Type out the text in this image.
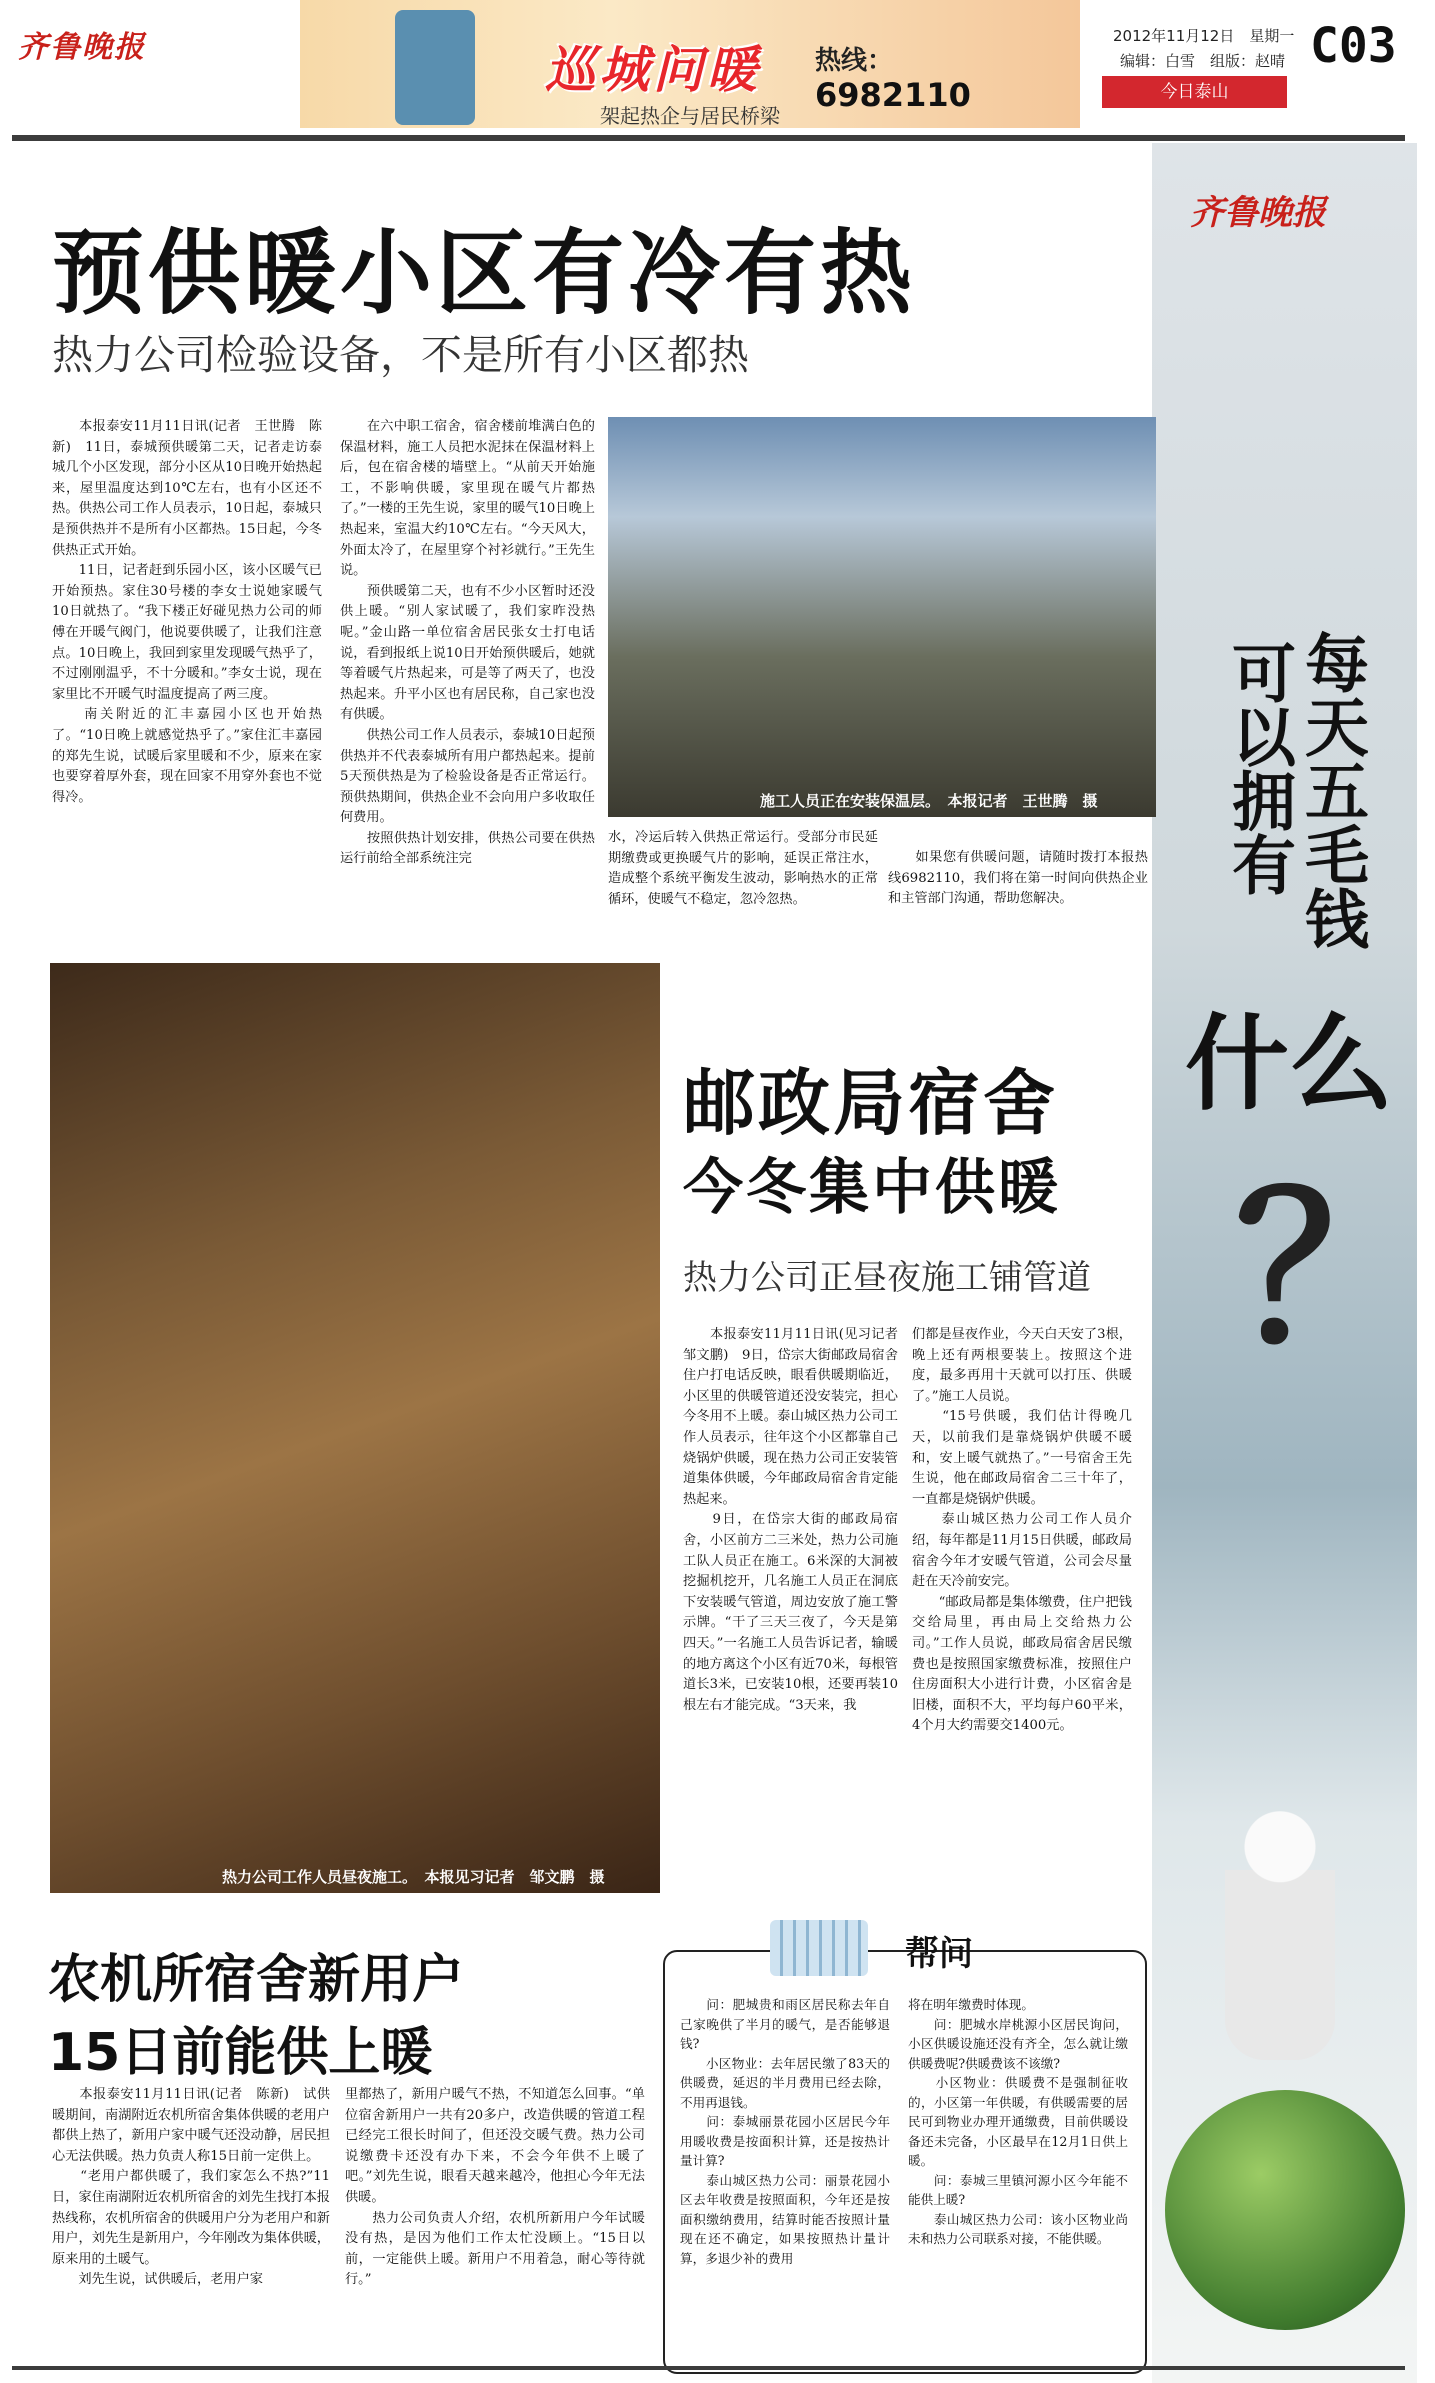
齐鲁晚报	巡城问暖 热线：
6982110
架起热企与居民桥梁
2012年11月12日　星期一
编辑：白雪　组版：赵晴
今日泰山
C03
齐鲁晚报
每天五毛钱
可以拥有
什么
？
预供暖小区有冷有热
热力公司检验设备，不是所有小区都热
　　本报泰安11月11日讯(记者　王世腾　陈新)　11日，泰城预供暖第二天，记者走访泰城几个小区发现，部分小区从10日晚开始热起来，屋里温度达到10℃左右，也有小区还不热。供热公司工作人员表示，10日起，泰城只是预供热并不是所有小区都热。15日起，今冬供热正式开始。
　　11日，记者赶到乐园小区，该小区暖气已开始预热。家住30号楼的李女士说她家暖气10日就热了。“我下楼正好碰见热力公司的师傅在开暖气阀门，他说要供暖了，让我们注意点。10日晚上，我回到家里发现暖气热乎了，不过刚刚温乎，不十分暖和。”李女士说，现在家里比不开暖气时温度提高了两三度。
　　南关附近的汇丰嘉园小区也开始热了。“10日晚上就感觉热乎了。”家住汇丰嘉园的郑先生说，试暖后家里暖和不少，原来在家也要穿着厚外套，现在回家不用穿外套也不觉得冷。
　　在六中职工宿舍，宿舍楼前堆满白色的保温材料，施工人员把水泥抹在保温材料上后，包在宿舍楼的墙壁上。“从前天开始施工，不影响供暖，家里现在暖气片都热了。”一楼的王先生说，家里的暖气10日晚上热起来，室温大约10℃左右。“今天风大，外面太冷了，在屋里穿个衬衫就行。”王先生说。
　　预供暖第二天，也有不少小区暂时还没供上暖。“别人家试暖了，我们家昨没热呢。”金山路一单位宿舍居民张女士打电话说，看到报纸上说10日开始预供暖后，她就等着暖气片热起来，可是等了两天了，也没热起来。升平小区也有居民称，自己家也没有供暖。
　　供热公司工作人员表示，泰城10日起预供热并不代表泰城所有用户都热起来。提前5天预供热是为了检验设备是否正常运行。预供热期间，供热企业不会向用户多收取任何费用。
　　按照供热计划安排，供热公司要在供热运行前给全部系统注完
施工人员正在安装保温层。　本报记者　王世腾　摄
水，冷运后转入供热正常运行。受部分市民延期缴费或更换暖气片的影响，延误正常注水，造成整个系统平衡发生波动，影响热水的正常循环，使暖气不稳定，忽冷忽热。
　　如果您有供暖问题，请随时拨打本报热线6982110，我们将在第一时间向供热企业和主管部门沟通，帮助您解决。
热力公司工作人员昼夜施工。　本报见习记者　邹文鹏　摄
邮政局宿舍
今冬集中供暖
热力公司正昼夜施工铺管道
　　本报泰安11月11日讯(见习记者　邹文鹏)　9日，岱宗大街邮政局宿舍住户打电话反映，眼看供暖期临近，小区里的供暖管道还没安装完，担心今冬用不上暖。泰山城区热力公司工作人员表示，往年这个小区都靠自己烧锅炉供暖，现在热力公司正安装管道集体供暖，今年邮政局宿舍肯定能热起来。
　　9日，在岱宗大街的邮政局宿舍，小区前方二三米处，热力公司施工队人员正在施工。6米深的大洞被挖掘机挖开，几名施工人员正在洞底下安装暖气管道，周边安放了施工警示牌。“干了三天三夜了，今天是第四天。”一名施工人员告诉记者，输暖的地方离这个小区有近70米，每根管道长3米，已安装10根，还要再装10根左右才能完成。“3天来，我
们都是昼夜作业，今天白天安了3根，晚上还有两根要装上。按照这个进度，最多再用十天就可以打压、供暖了。”施工人员说。
　　“15号供暖，我们估计得晚几天，以前我们是靠烧锅炉供暖不暖和，安上暖气就热了。”一号宿舍王先生说，他在邮政局宿舍二三十年了，一直都是烧锅炉供暖。
　　泰山城区热力公司工作人员介绍，每年都是11月15日供暖，邮政局宿舍今年才安暖气管道，公司会尽量赶在天冷前安完。
　　“邮政局都是集体缴费，住户把钱交给局里，再由局上交给热力公司。”工作人员说，邮政局宿舍居民缴费也是按照国家缴费标准，按照住户住房面积大小进行计费，小区宿舍是旧楼，面积不大，平均每户60平米，4个月大约需要交1400元。
农机所宿舍新用户
15日前能供上暖
　　本报泰安11月11日讯(记者　陈新)　试供暖期间，南湖附近农机所宿舍集体供暖的老用户都供上热了，新用户家中暖气还没动静，居民担心无法供暖。热力负责人称15日前一定供上。
　　“老用户都供暖了，我们家怎么不热?”11日，家住南湖附近农机所宿舍的刘先生找打本报热线称，农机所宿舍的供暖用户分为老用户和新用户，刘先生是新用户，今年刚改为集体供暖，原来用的土暖气。
　　刘先生说，试供暖后，老用户家
里都热了，新用户暖气不热，不知道怎么回事。“单位宿舍新用户一共有20多户，改造供暖的管道工程已经完工很长时间了，但还没交暖气费。热力公司说缴费卡还没有办下来，不会今年供不上暖了吧。”刘先生说，眼看天越来越冷，他担心今年无法供暖。
　　热力公司负责人介绍，农机所新用户今年试暖没有热，是因为他们工作太忙没顾上。“15日以前，一定能供上暖。新用户不用着急，耐心等待就行。”
帮问
　　问：肥城贵和雨区居民称去年自己家晚供了半月的暖气，是否能够退钱?
　　小区物业：去年居民缴了83天的供暖费，延迟的半月费用已经去除，不用再退钱。
　　问：泰城丽景花园小区居民今年用暖收费是按面积计算，还是按热计量计算?
　　泰山城区热力公司：丽景花园小区去年收费是按照面积，今年还是按面积缴纳费用，结算时能否按照计量现在还不确定，如果按照热计量计算，多退少补的费用
将在明年缴费时体现。
　　问：肥城水岸桃源小区居民询问，小区供暖设施还没有齐全，怎么就让缴供暖费呢?供暖费该不该缴?
　　小区物业：供暖费不是强制征收的，小区第一年供暖，有供暖需要的居民可到物业办理开通缴费，目前供暖设备还未完备，小区最早在12月1日供上暖。
　　问：泰城三里镇河源小区今年能不能供上暖?
　　泰山城区热力公司：该小区物业尚未和热力公司联系对接，不能供暖。
